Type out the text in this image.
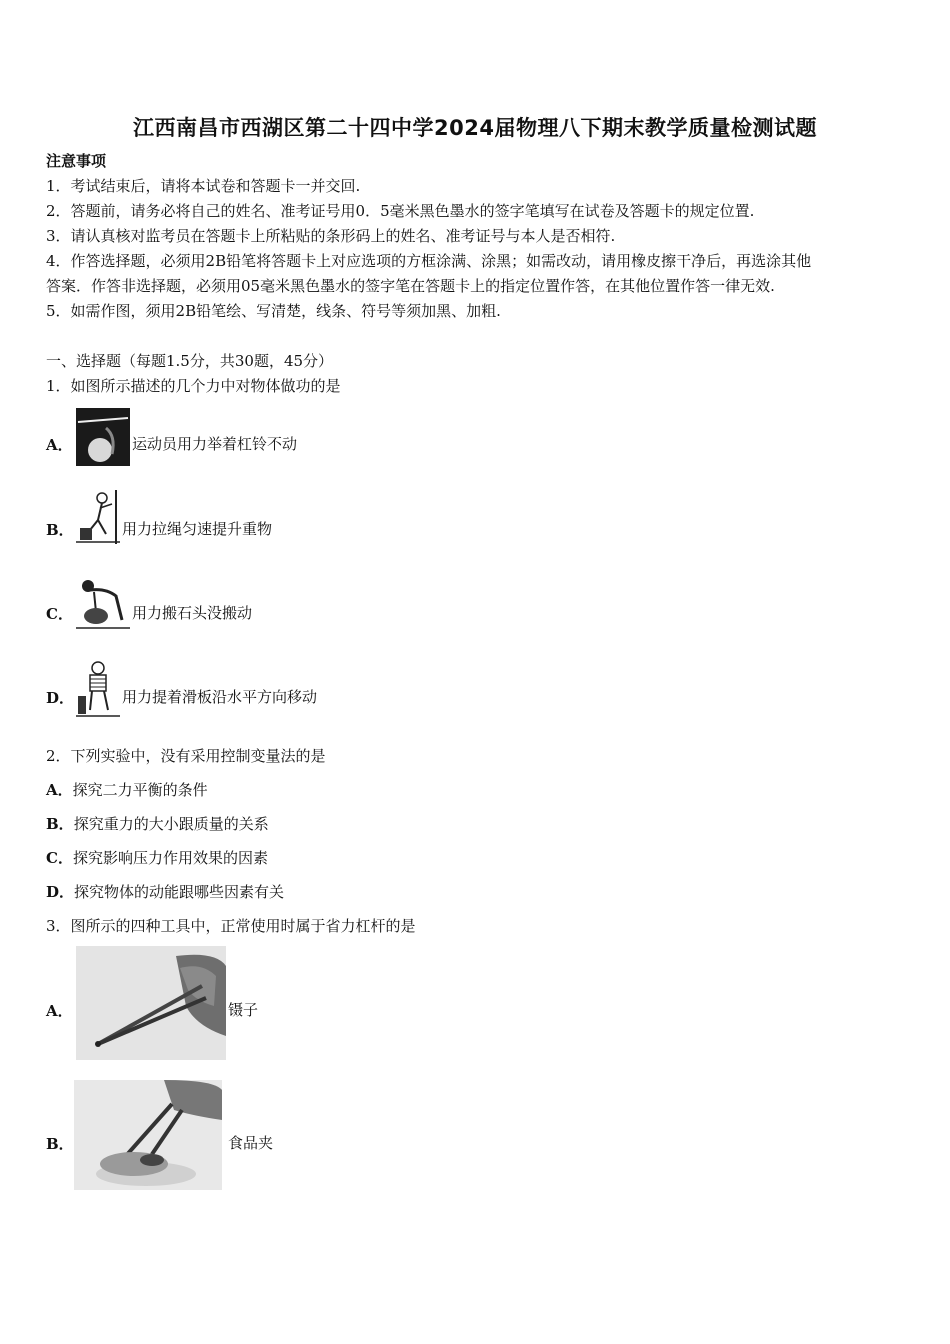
江西南昌市西湖区第二十四中学2024届物理八下期末教学质量检测试题
注意事项
1．考试结束后，请将本试卷和答题卡一并交回.
2．答题前，请务必将自己的姓名、准考证号用0．5毫米黑色墨水的签字笔填写在试卷及答题卡的规定位置.
3．请认真核对监考员在答题卡上所粘贴的条形码上的姓名、准考证号与本人是否相符.
4．作答选择题，必须用2B铅笔将答题卡上对应选项的方框涂满、涂黑；如需改动，请用橡皮擦干净后，再选涂其他
答案．作答非选择题，必须用05毫米黑色墨水的签字笔在答题卡上的指定位置作答，在其他位置作答一律无效.
5．如需作图，须用2B铅笔绘、写清楚，线条、符号等须加黑、加粗.
一、选择题（每题1.5分，共30题，45分）
1．如图所示描述的几个力中对物体做功的是
A．	运动员用力举着杠铃不动
B．	用力拉绳匀速提升重物
C．	用力搬石头没搬动
D．	用力提着滑板沿水平方向移动
2．下列实验中，没有采用控制变量法的是
A．探究二力平衡的条件
B．探究重力的大小跟质量的关系
C．探究影响压力作用效果的因素
D．探究物体的动能跟哪些因素有关
3．图所示的四种工具中，正常使用时属于省力杠杆的是
A．	镊子
B．	食品夹
